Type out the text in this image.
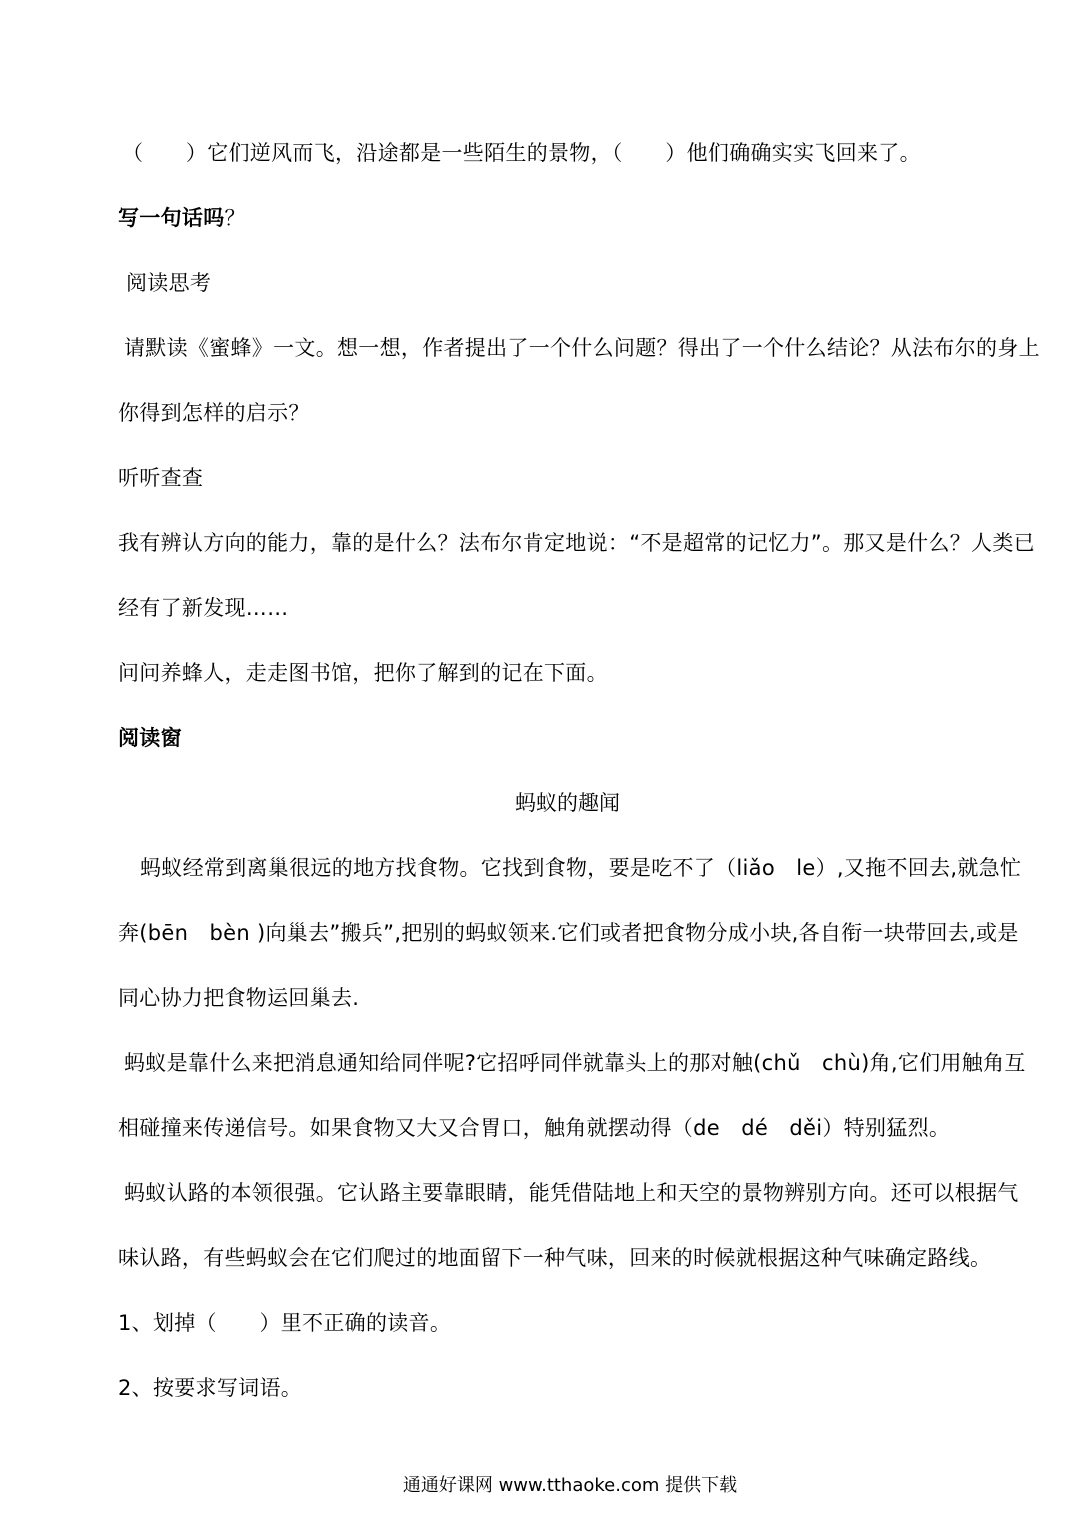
（　　）它们逆风而飞，沿途都是一些陌生的景物，（　　）他们确确实实飞回来了。
写一句话吗？
阅读思考
请默读《蜜蜂》一文。想一想，作者提出了一个什么问题？得出了一个什么结论？从法布尔的身上
你得到怎样的启示？
听听查查
我有辨认方向的能力，靠的是什么？法布尔肯定地说：“不是超常的记忆力”。那又是什么？人类已
经有了新发现……
问问养蜂人，走走图书馆，把你了解到的记在下面。
阅读窗
蚂蚁的趣闻
蚂蚁经常到离巢很远的地方找食物。它找到食物，要是吃不了（liǎo　le）,又拖不回去,就急忙
奔(bēn　bèn )向巢去”搬兵”,把别的蚂蚁领来.它们或者把食物分成小块,各自衔一块带回去,或是
同心协力把食物运回巢去.
蚂蚁是靠什么来把消息通知给同伴呢?它招呼同伴就靠头上的那对触(chǔ　chù)角,它们用触角互
相碰撞来传递信号。如果食物又大又合胃口，触角就摆动得（de　dé　děi）特别猛烈。
蚂蚁认路的本领很强。它认路主要靠眼睛，能凭借陆地上和天空的景物辨别方向。还可以根据气
味认路，有些蚂蚁会在它们爬过的地面留下一种气味，回来的时候就根据这种气味确定路线。
1、划掉（　　）里不正确的读音。
2、按要求写词语。
通通好课网 www.tthaoke.com 提供下载
